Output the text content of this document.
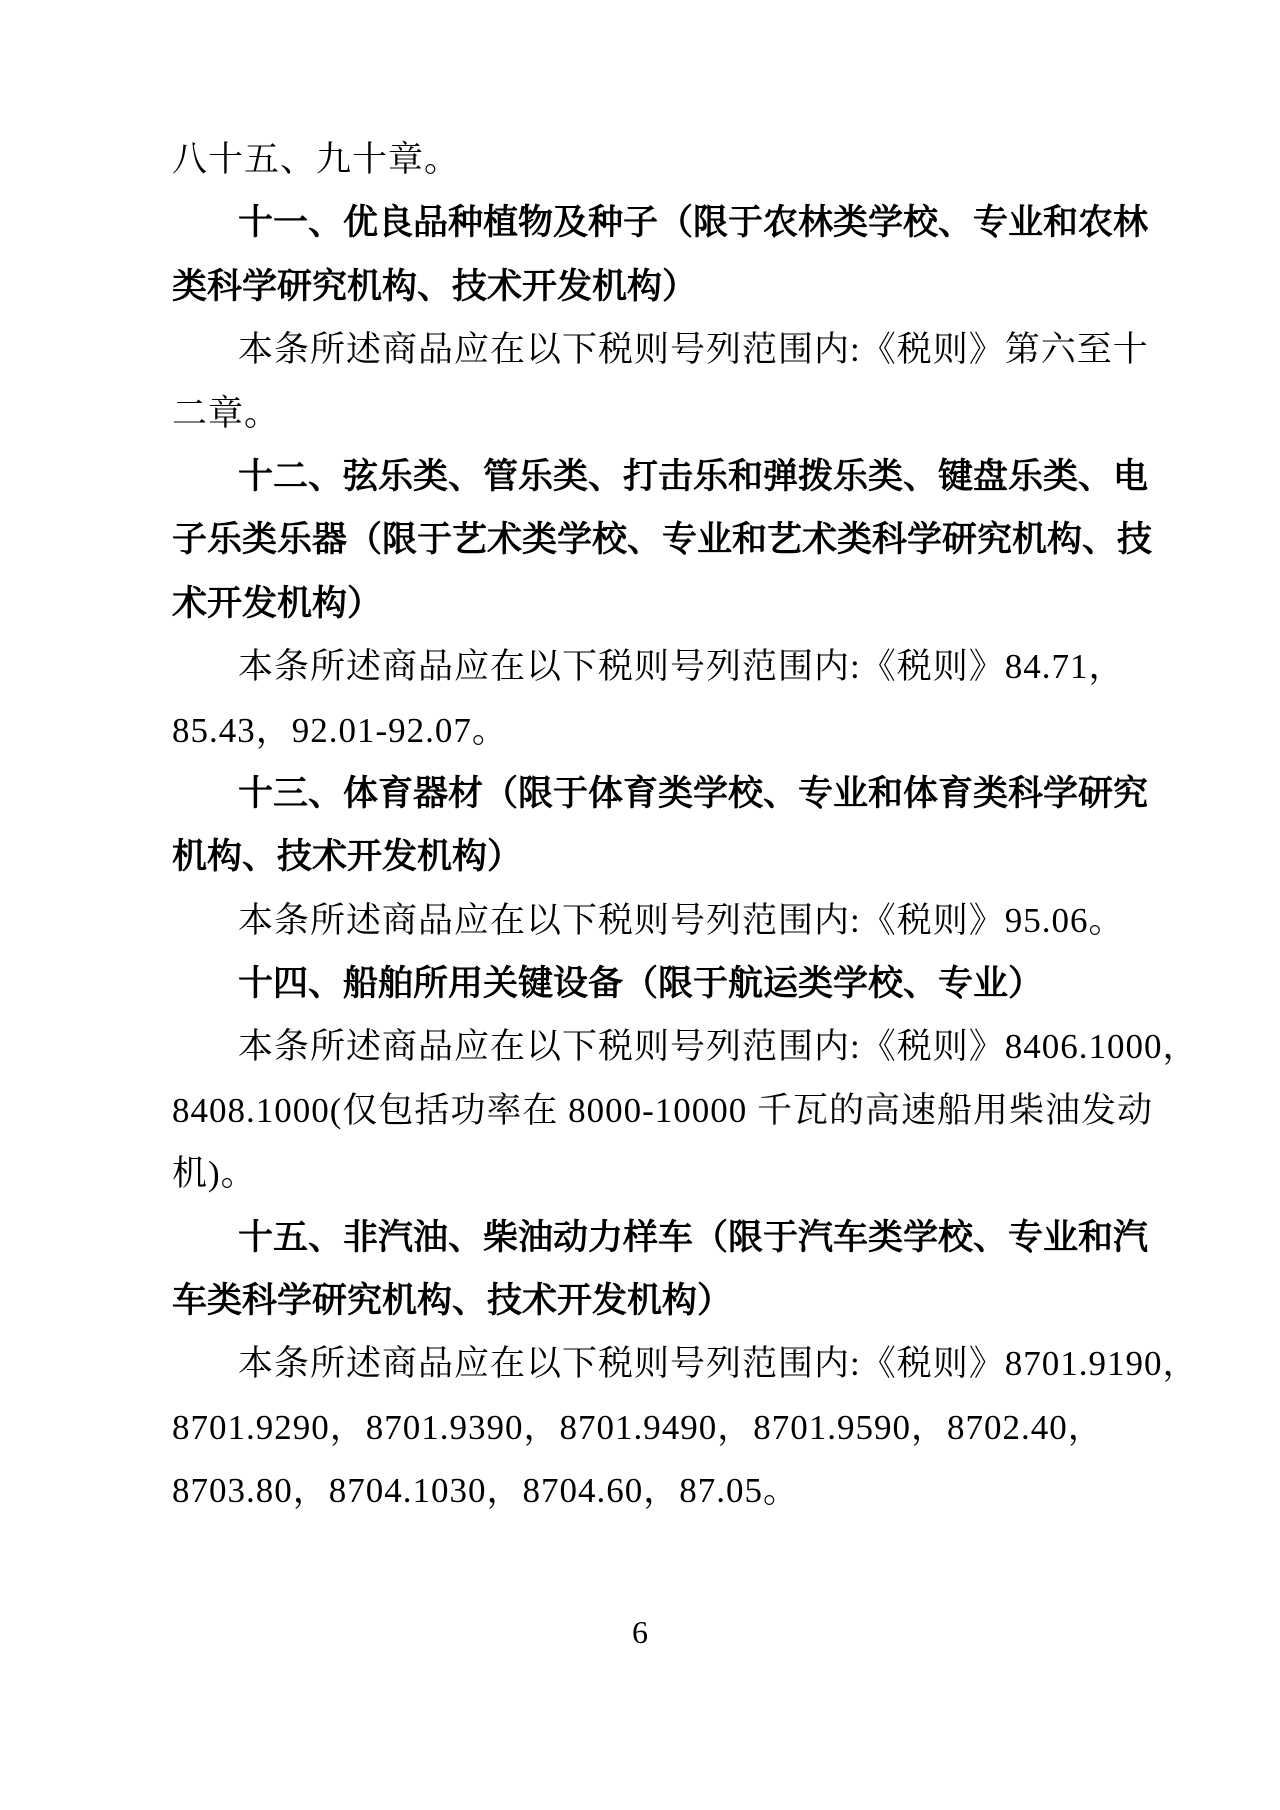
八十五、九十章。
十一、优良品种植物及种子（限于农林类学校、专业和农林
类科学研究机构、技术开发机构）
本条所述商品应在以下税则号列范围内:《税则》第六至十
二章。
十二、弦乐类、管乐类、打击乐和弹拨乐类、键盘乐类、电
子乐类乐器（限于艺术类学校、专业和艺术类科学研究机构、技
术开发机构）
本条所述商品应在以下税则号列范围内:《税则》84.71，
85.43，92.01-92.07。
十三、体育器材（限于体育类学校、专业和体育类科学研究
机构、技术开发机构）
本条所述商品应在以下税则号列范围内:《税则》95.06。
十四、船舶所用关键设备（限于航运类学校、专业）
本条所述商品应在以下税则号列范围内:《税则》8406.1000，
8408.1000(仅包括功率在 8000-10000 千瓦的高速船用柴油发动
机)。
十五、非汽油、柴油动力样车（限于汽车类学校、专业和汽
车类科学研究机构、技术开发机构）
本条所述商品应在以下税则号列范围内:《税则》8701.9190，
8701.9290，8701.9390，8701.9490，8701.9590，8702.40，
8703.80，8704.1030，8704.60，87.05。
6
